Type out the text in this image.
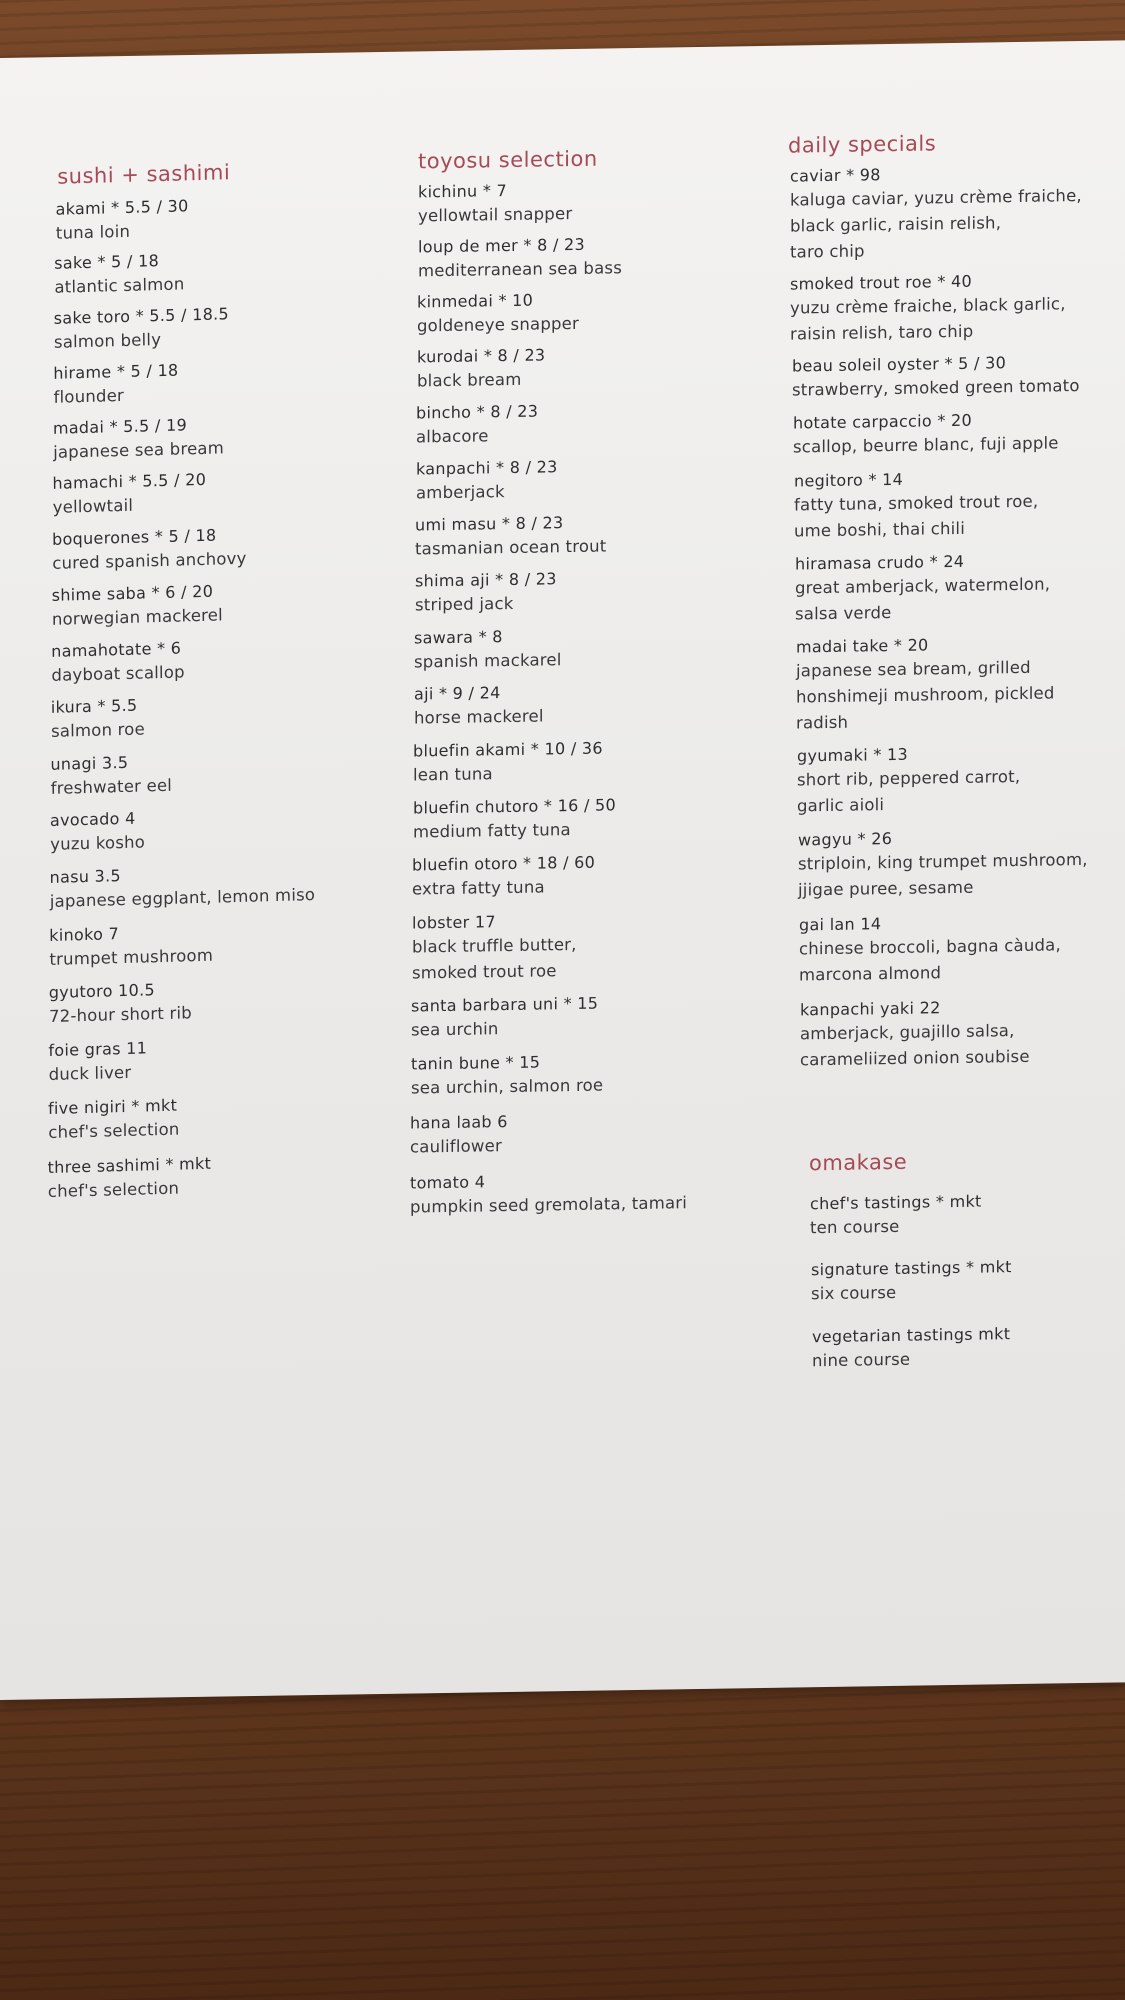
sushi + sashimi
akami * 5.5 / 30
tuna loin
sake * 5 / 18
atlantic salmon
sake toro * 5.5 / 18.5
salmon belly
hirame * 5 / 18
flounder
madai * 5.5 / 19
japanese sea bream
hamachi * 5.5 / 20
yellowtail
boquerones * 5 / 18
cured spanish anchovy
shime saba * 6 / 20
norwegian mackerel
namahotate * 6
dayboat scallop
ikura * 5.5
salmon roe
unagi 3.5
freshwater eel
avocado 4
yuzu kosho
nasu 3.5
japanese eggplant, lemon miso
kinoko 7
trumpet mushroom
gyutoro 10.5
72-hour short rib
foie gras 11
duck liver
five nigiri * mkt
chef's selection
three sashimi * mkt
chef's selection
toyosu selection
kichinu * 7
yellowtail snapper
loup de mer * 8 / 23
mediterranean sea bass
kinmedai * 10
goldeneye snapper
kurodai * 8 / 23
black bream
bincho * 8 / 23
albacore
kanpachi * 8 / 23
amberjack
umi masu * 8 / 23
tasmanian ocean trout
shima aji * 8 / 23
striped jack
sawara * 8
spanish mackarel
aji * 9 / 24
horse mackerel
bluefin akami * 10 / 36
lean tuna
bluefin chutoro * 16 / 50
medium fatty tuna
bluefin otoro * 18 / 60
extra fatty tuna
lobster 17
black truffle butter,
smoked trout roe
santa barbara uni * 15
sea urchin
tanin bune * 15
sea urchin, salmon roe
hana laab 6
cauliflower
tomato 4
pumpkin seed gremolata, tamari
daily specials
caviar * 98
kaluga caviar, yuzu crème fraiche,
black garlic, raisin relish,
taro chip
smoked trout roe * 40
yuzu crème fraiche, black garlic,
raisin relish, taro chip
beau soleil oyster * 5 / 30
strawberry, smoked green tomato
hotate carpaccio * 20
scallop, beurre blanc, fuji apple
negitoro * 14
fatty tuna, smoked trout roe,
ume boshi, thai chili
hiramasa crudo * 24
great amberjack, watermelon,
salsa verde
madai take * 20
japanese sea bream, grilled
honshimeji mushroom, pickled
radish
gyumaki * 13
short rib, peppered carrot,
garlic aioli
wagyu * 26
striploin, king trumpet mushroom,
jjigae puree, sesame
gai lan 14
chinese broccoli, bagna càuda,
marcona almond
kanpachi yaki 22
amberjack, guajillo salsa,
carameliized onion soubise
omakase
chef's tastings * mkt
ten course
signature tastings * mkt
six course
vegetarian tastings mkt
nine course
